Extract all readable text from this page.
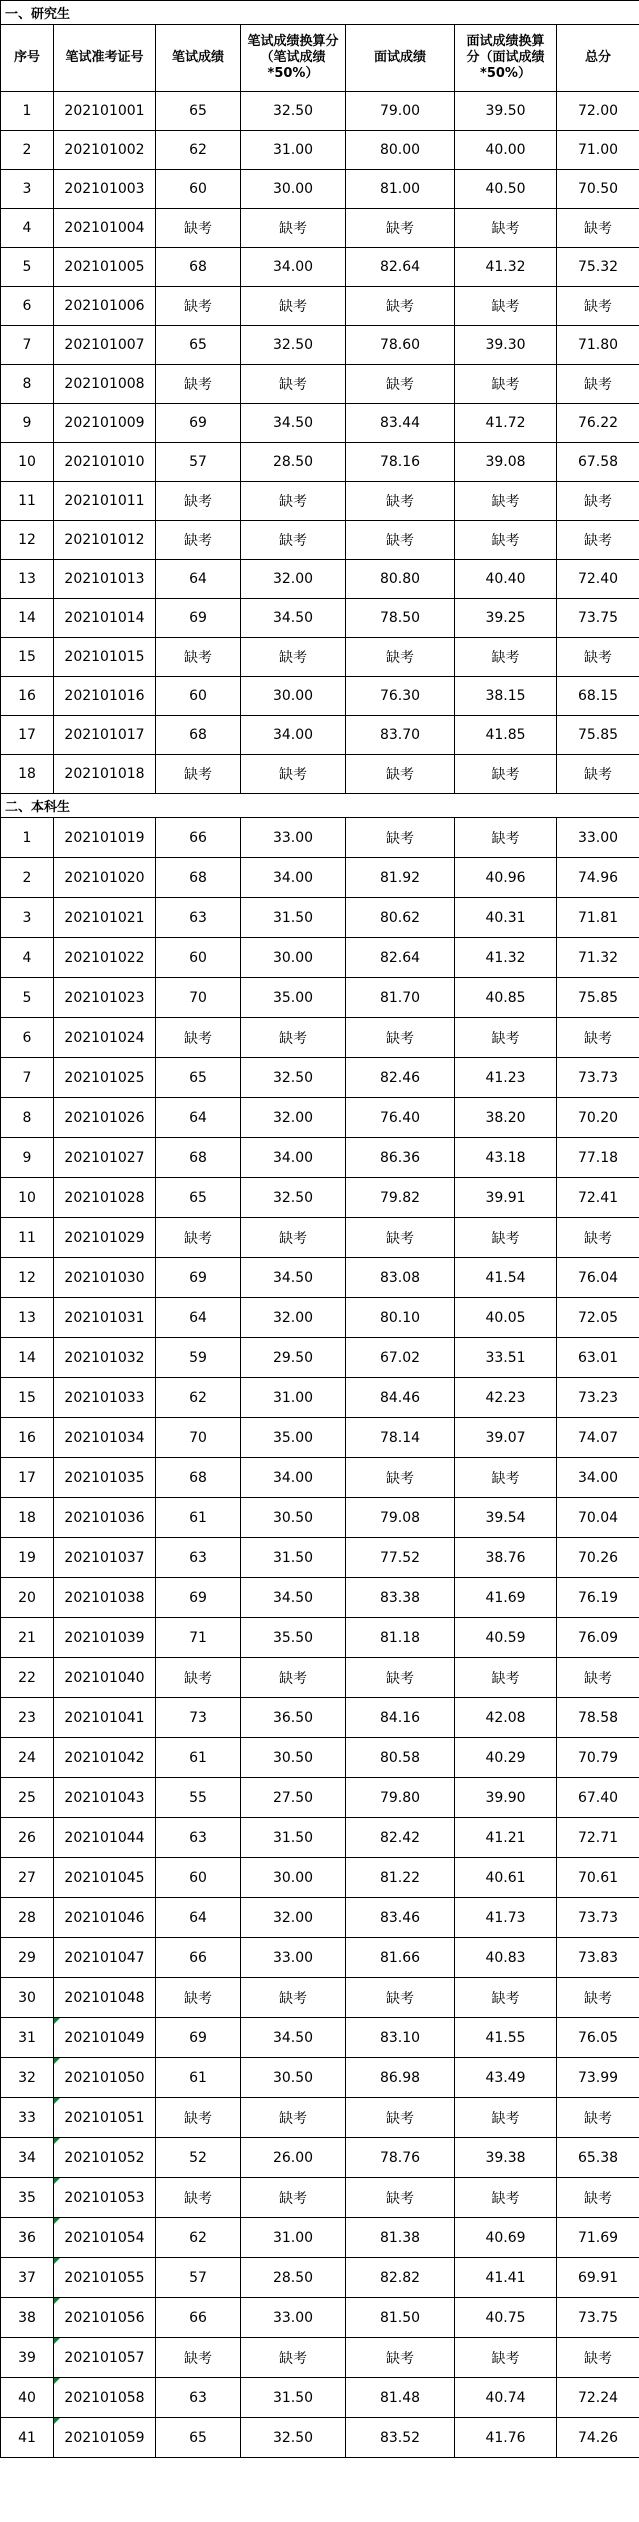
一、研究生						
序号	笔试准考证号	笔试成绩	笔试成绩换算分（笔试成绩*50%）	面试成绩	面试成绩换算分（面试成绩*50%）	总分
1	202101001	65	32.50	79.00	39.50	72.00
2	202101002	62	31.00	80.00	40.00	71.00
3	202101003	60	30.00	81.00	40.50	70.50
4	202101004	缺考	缺考	缺考	缺考	缺考
5	202101005	68	34.00	82.64	41.32	75.32
6	202101006	缺考	缺考	缺考	缺考	缺考
7	202101007	65	32.50	78.60	39.30	71.80
8	202101008	缺考	缺考	缺考	缺考	缺考
9	202101009	69	34.50	83.44	41.72	76.22
10	202101010	57	28.50	78.16	39.08	67.58
11	202101011	缺考	缺考	缺考	缺考	缺考
12	202101012	缺考	缺考	缺考	缺考	缺考
13	202101013	64	32.00	80.80	40.40	72.40
14	202101014	69	34.50	78.50	39.25	73.75
15	202101015	缺考	缺考	缺考	缺考	缺考
16	202101016	60	30.00	76.30	38.15	68.15
17	202101017	68	34.00	83.70	41.85	75.85
18	202101018	缺考	缺考	缺考	缺考	缺考
二、本科生						
1	202101019	66	33.00	缺考	缺考	33.00
2	202101020	68	34.00	81.92	40.96	74.96
3	202101021	63	31.50	80.62	40.31	71.81
4	202101022	60	30.00	82.64	41.32	71.32
5	202101023	70	35.00	81.70	40.85	75.85
6	202101024	缺考	缺考	缺考	缺考	缺考
7	202101025	65	32.50	82.46	41.23	73.73
8	202101026	64	32.00	76.40	38.20	70.20
9	202101027	68	34.00	86.36	43.18	77.18
10	202101028	65	32.50	79.82	39.91	72.41
11	202101029	缺考	缺考	缺考	缺考	缺考
12	202101030	69	34.50	83.08	41.54	76.04
13	202101031	64	32.00	80.10	40.05	72.05
14	202101032	59	29.50	67.02	33.51	63.01
15	202101033	62	31.00	84.46	42.23	73.23
16	202101034	70	35.00	78.14	39.07	74.07
17	202101035	68	34.00	缺考	缺考	34.00
18	202101036	61	30.50	79.08	39.54	70.04
19	202101037	63	31.50	77.52	38.76	70.26
20	202101038	69	34.50	83.38	41.69	76.19
21	202101039	71	35.50	81.18	40.59	76.09
22	202101040	缺考	缺考	缺考	缺考	缺考
23	202101041	73	36.50	84.16	42.08	78.58
24	202101042	61	30.50	80.58	40.29	70.79
25	202101043	55	27.50	79.80	39.90	67.40
26	202101044	63	31.50	82.42	41.21	72.71
27	202101045	60	30.00	81.22	40.61	70.61
28	202101046	64	32.00	83.46	41.73	73.73
29	202101047	66	33.00	81.66	40.83	73.83
30	202101048	缺考	缺考	缺考	缺考	缺考
31	202101049	69	34.50	83.10	41.55	76.05
32	202101050	61	30.50	86.98	43.49	73.99
33	202101051	缺考	缺考	缺考	缺考	缺考
34	202101052	52	26.00	78.76	39.38	65.38
35	202101053	缺考	缺考	缺考	缺考	缺考
36	202101054	62	31.00	81.38	40.69	71.69
37	202101055	57	28.50	82.82	41.41	69.91
38	202101056	66	33.00	81.50	40.75	73.75
39	202101057	缺考	缺考	缺考	缺考	缺考
40	202101058	63	31.50	81.48	40.74	72.24
41	202101059	65	32.50	83.52	41.76	74.26
